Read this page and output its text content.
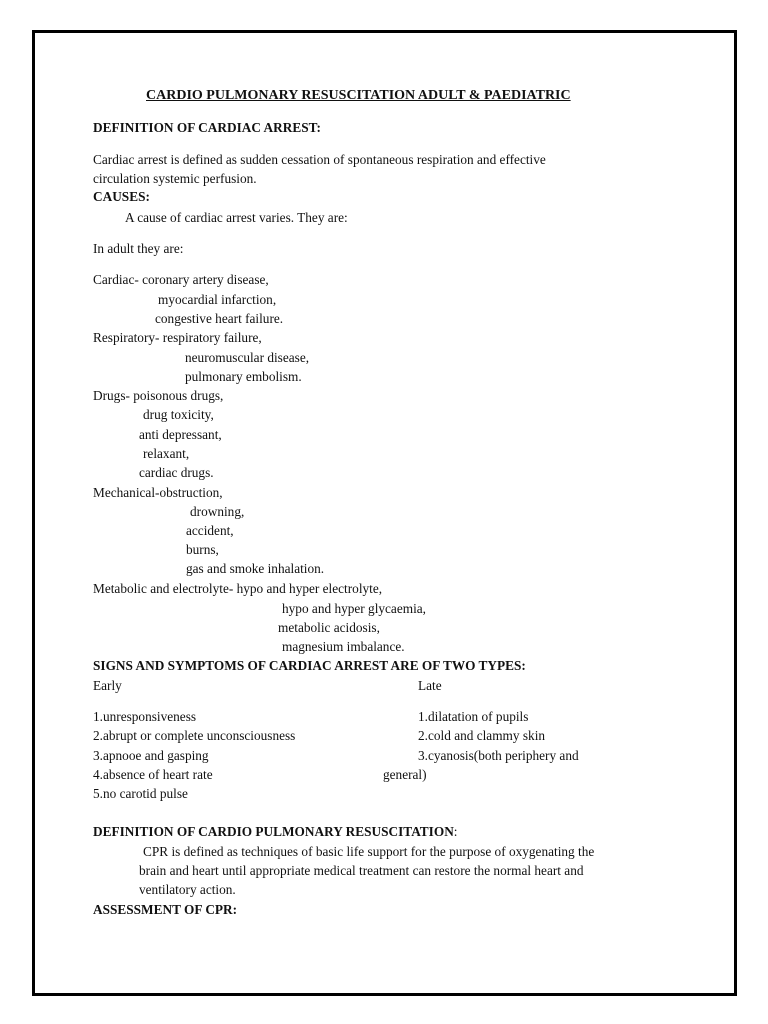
CARDIO PULMONARY RESUSCITATION ADULT & PAEDIATRIC
DEFINITION OF CARDIAC ARREST:
Cardiac arrest is defined as sudden cessation of spontaneous respiration and effective
circulation systemic perfusion.
CAUSES:
A cause of cardiac arrest varies. They are:
In adult they are:
Cardiac- coronary artery disease,
myocardial infarction,
congestive heart failure.
Respiratory- respiratory failure,
neuromuscular disease,
pulmonary embolism.
Drugs- poisonous drugs,
drug toxicity,
anti depressant,
relaxant,
cardiac drugs.
Mechanical-obstruction,
drowning,
accident,
burns,
gas and smoke inhalation.
Metabolic and electrolyte- hypo and hyper electrolyte,
hypo and hyper glycaemia,
metabolic acidosis,
magnesium imbalance.
SIGNS AND SYMPTOMS OF CARDIAC ARREST ARE OF TWO TYPES:
Early	Late
1.unresponsiveness
2.abrupt or complete unconsciousness
3.apnooe and gasping
4.absence of heart rate
5.no carotid pulse
1.dilatation of pupils
2.cold and clammy skin
3.cyanosis(both periphery and
general)
DEFINITION OF CARDIO PULMONARY RESUSCITATION:
CPR is defined as techniques of basic life support for the purpose of oxygenating the
brain and heart until appropriate medical treatment can restore the normal heart and
ventilatory action.
ASSESSMENT OF CPR:
